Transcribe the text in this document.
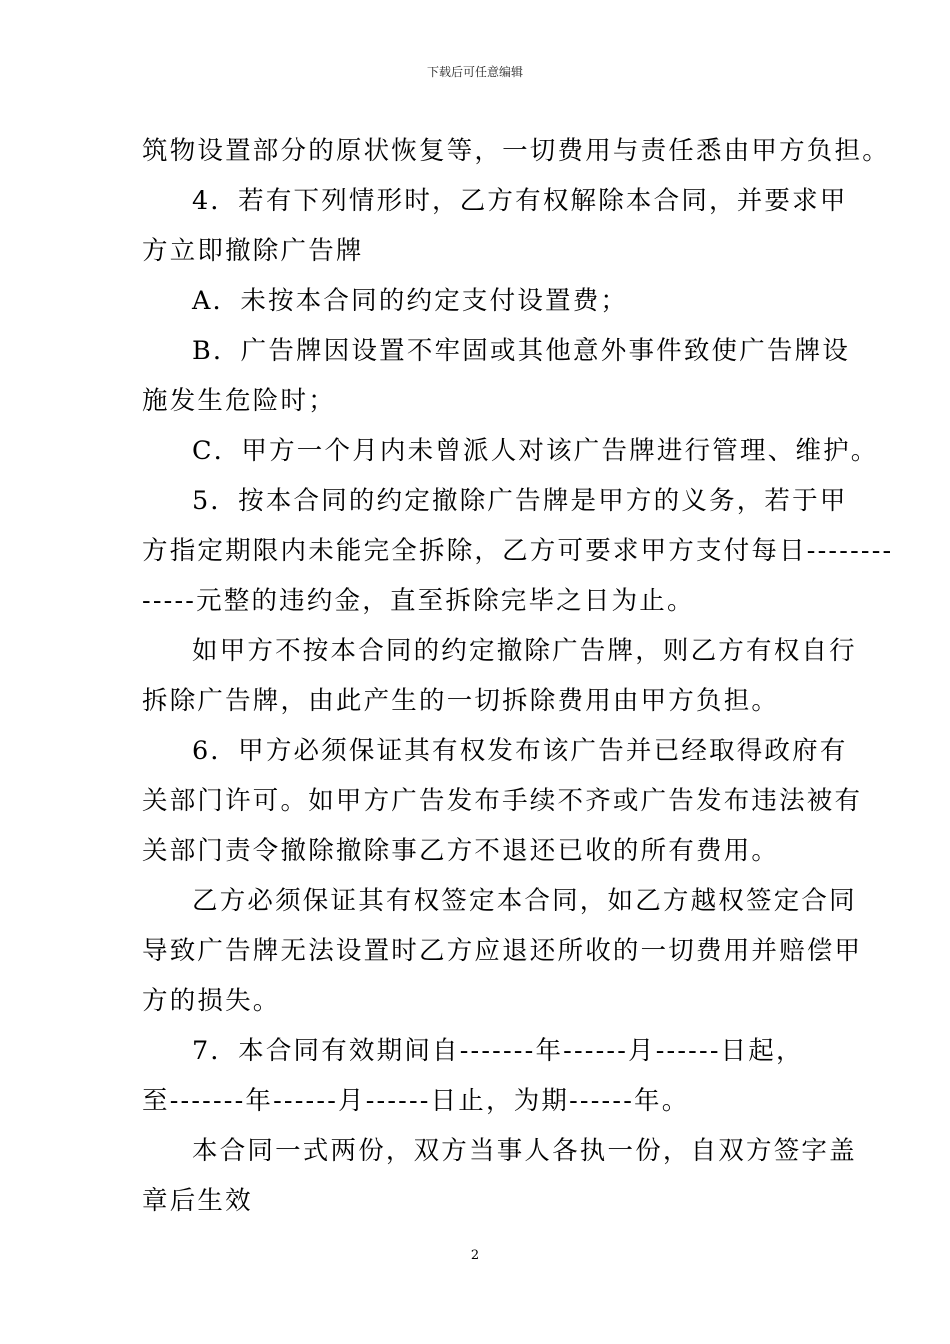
下载后可任意编辑
筑物设置部分的原状恢复等，一切费用与责任悉由甲方负担。
4．若有下列情形时，乙方有权解除本合同，并要求甲
方立即撤除广告牌
A．未按本合同的约定支付设置费；
B．广告牌因设置不牢固或其他意外事件致使广告牌设
施发生危险时；
C．甲方一个月内未曾派人对该广告牌进行管理、维护。
5．按本合同的约定撤除广告牌是甲方的义务，若于甲
方指定期限内未能完全拆除，乙方可要求甲方支付每日--------
-----元整的违约金，直至拆除完毕之日为止。
如甲方不按本合同的约定撤除广告牌，则乙方有权自行
拆除广告牌，由此产生的一切拆除费用由甲方负担。
6．甲方必须保证其有权发布该广告并已经取得政府有
关部门许可。如甲方广告发布手续不齐或广告发布违法被有
关部门责令撤除撤除事乙方不退还已收的所有费用。
乙方必须保证其有权签定本合同，如乙方越权签定合同
导致广告牌无法设置时乙方应退还所收的一切费用并赔偿甲
方的损失。
7．本合同有效期间自-------年------月------日起，
至-------年------月------日止，为期------年。
本合同一式两份，双方当事人各执一份，自双方签字盖
章后生效
2
